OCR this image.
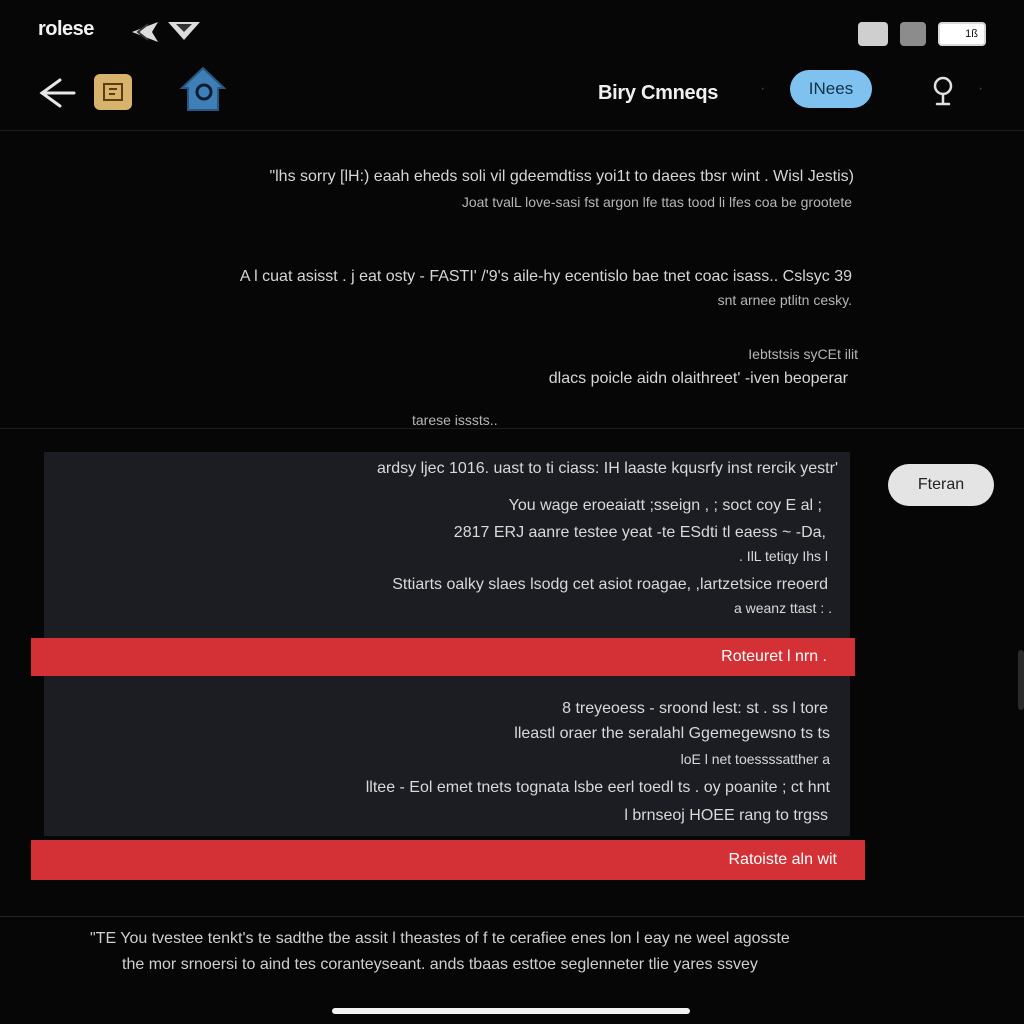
rolese	1ß
Biry Cmneqs	·	INees	·

"lhs sorry [lH:) eaah eheds soli vil gdeemdtiss yoi1t to daees tbsr wint . Wisl Jestis)

Joat tvalL love-sasi fst argon lfe ttas tood li lfes coa be grootete

A l cuat asisst . j eat osty - FASTI' /'9's aile-hy ecentislo bae tnet coac isass.. Cslsyc 39

snt arnee ptlitn cesky.

Iebtstsis syCEt ilit

dlacs poicle aidn olaithreet' -iven beoperar

tarese isssts..

ardsy ljec 1016. uast to ti ciass: IH laaste kqusrfy inst rercik yestr'

You wage eroeaiatt ;sseign , ; soct coy E al ;

2817 ERJ aanre testee yeat -te ESdti tl eaess ~ -Da,

. IlL tetiqy Ihs l

Sttiarts oalky slaes lsodg cet asiot roagae, ,lartzetsice rreoerd

a weanz ttast : .

Roteuret l nrn .

8 treyeoess - sroond lest: st . ss l tore

lleastl oraer the seralahl Ggemegewsno ts ts

loE l net toessssatther a

lltee - Eol emet tnets tognata lsbe eerl toedl ts . oy poanite ; ct hnt

l brnseoj HOEE rang to trgss

Ratoiste aln wit
Fteran

"TE You tvestee tenkt's te sadthe tbe assit l theastes of f te cerafiee enes lon l eay ne weel agosste

the mor srnoersi to aind tes coranteyseant. ands tbaas esttoe seglenneter tlie yares ssvey
